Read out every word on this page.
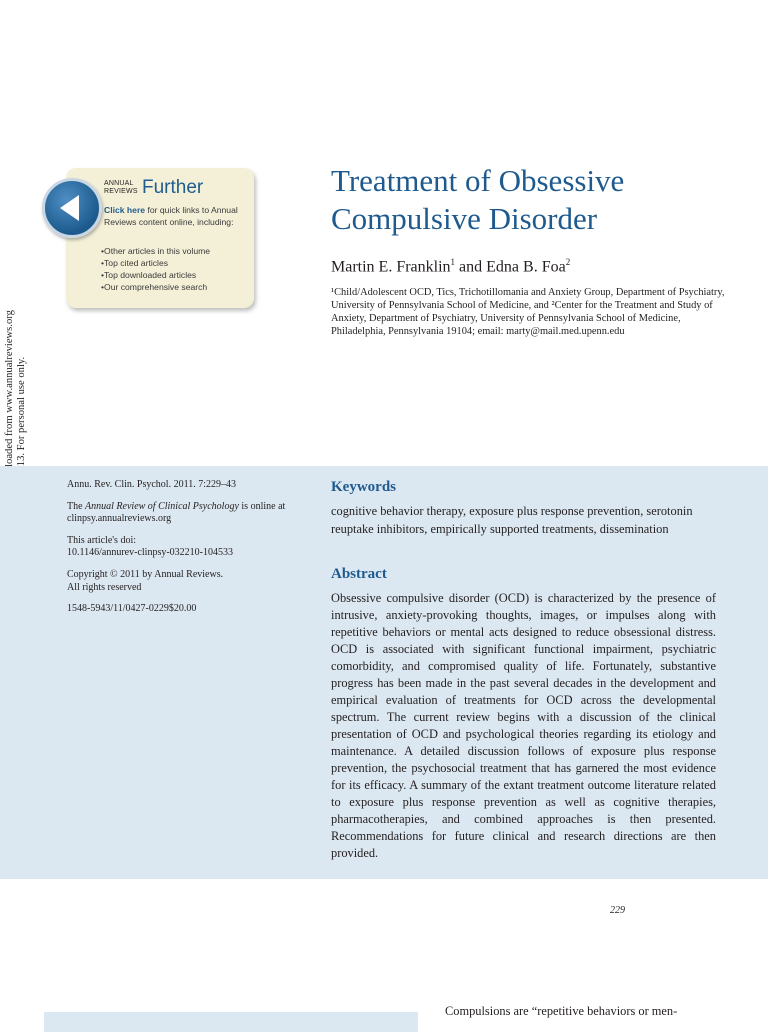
ANNUAL
REVIEWS Further
Click here for quick links to Annual Reviews content online, including:
• Other articles in this volume
• Top cited articles
• Top downloaded articles
• Our comprehensive search
Treatment of Obsessive Compulsive Disorder
Martin E. Franklin$^1$ and Edna B. Foa$^2$
¹Child/Adolescent OCD, Tics, Trichotillomania and Anxiety Group, Department of Psychiatry, University of Pennsylvania School of Medicine, and ²Center for the Treatment and Study of Anxiety, Department of Psychiatry, University of Pennsylvania School of Medicine, Philadelphia, Pennsylvania 19104; email: marty@mail.med.upenn.edu

Annu. Rev. Clin. Psychol. 2011. 7:229–43

The Annual Review of Clinical Psychology is online at clinpsy.annualreviews.org

This article's doi:
10.1146/annurev-clinpsy-032210-104533

Copyright © 2011 by Annual Reviews.
All rights reserved

1548-5943/11/0427-0229$20.00

Keywords
cognitive behavior therapy, exposure plus response prevention, serotonin reuptake inhibitors, empirically supported treatments, dissemination
Abstract
Obsessive compulsive disorder (OCD) is characterized by the presence of intrusive, anxiety-provoking thoughts, images, or impulses along with repetitive behaviors or mental acts designed to reduce obsessional distress. OCD is associated with significant functional impairment, psychiatric comorbidity, and compromised quality of life. Fortunately, substantive progress has been made in the past several decades in the development and empirical evaluation of treatments for OCD across the developmental spectrum. The current review begins with a discussion of the clinical presentation of OCD and psychological theories regarding its etiology and maintenance. A detailed discussion follows of exposure plus response prevention, the psychosocial treatment that has garnered the most evidence for its efficacy. A summary of the extant treatment outcome literature related to exposure plus response prevention as well as cognitive therapies, pharmacotherapies, and combined approaches is then presented. Recommendations for future clinical and research directions are then provided.
229
Compulsions are “repetitive behaviors or men-
